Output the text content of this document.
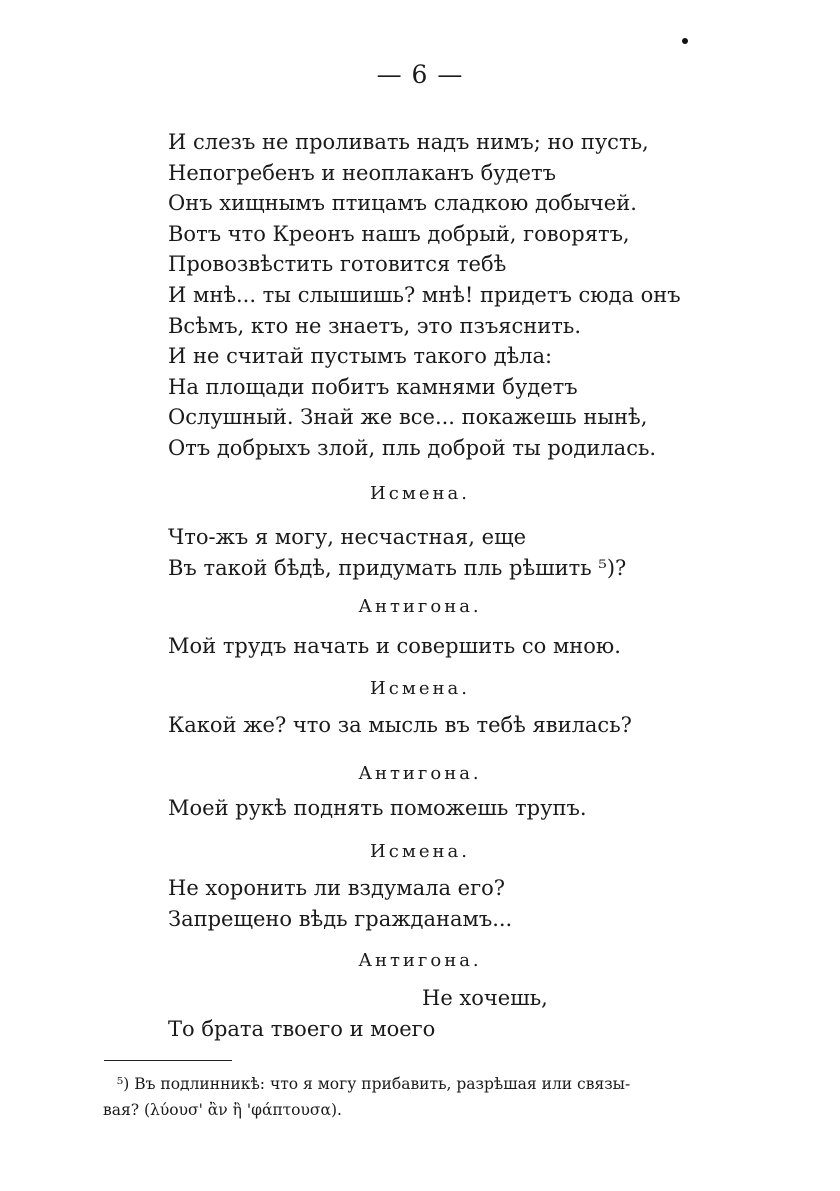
— 6 —
И слезъ не проливать надъ нимъ; но пусть,
Непогребенъ и неоплаканъ будетъ
Онъ хищнымъ птицамъ сладкою добычей.
Вотъ что Креонъ нашъ добрый, говорятъ,
Провозвѣстить готовится тебѣ
И мнѣ... ты слышишь? мнѣ! придетъ сюда онъ
Всѣмъ, кто не знаетъ, это пзъяснить.
И не считай пустымъ такого дѣла:
На площади побитъ камнями будетъ
Ослушный. Знай же все... покажешь нынѣ,
Отъ добрыхъ злой, пль доброй ты родилась.
Исмена.
Что-жъ я могу, несчастная, еще
Въ такой бѣдѣ, придумать пль рѣшить ⁵)?
Антигона.
Мой трудъ начать и совершить со мною.
Исмена.
Какой же? что за мысль въ тебѣ явилась?
Антигона.
Моей рукѣ поднять поможешь трупъ.
Исмена.
Не хоронить ли вздумала его?
Запрещено вѣдь гражданамъ...
Антигона.
Не хочешь,
То брата твоего и моего
⁵) Въ подлинникѣ: что я могу прибавить, разрѣшая или связы-
вая? (λύουσ' ἂν ἢ 'φάπτουσα).
